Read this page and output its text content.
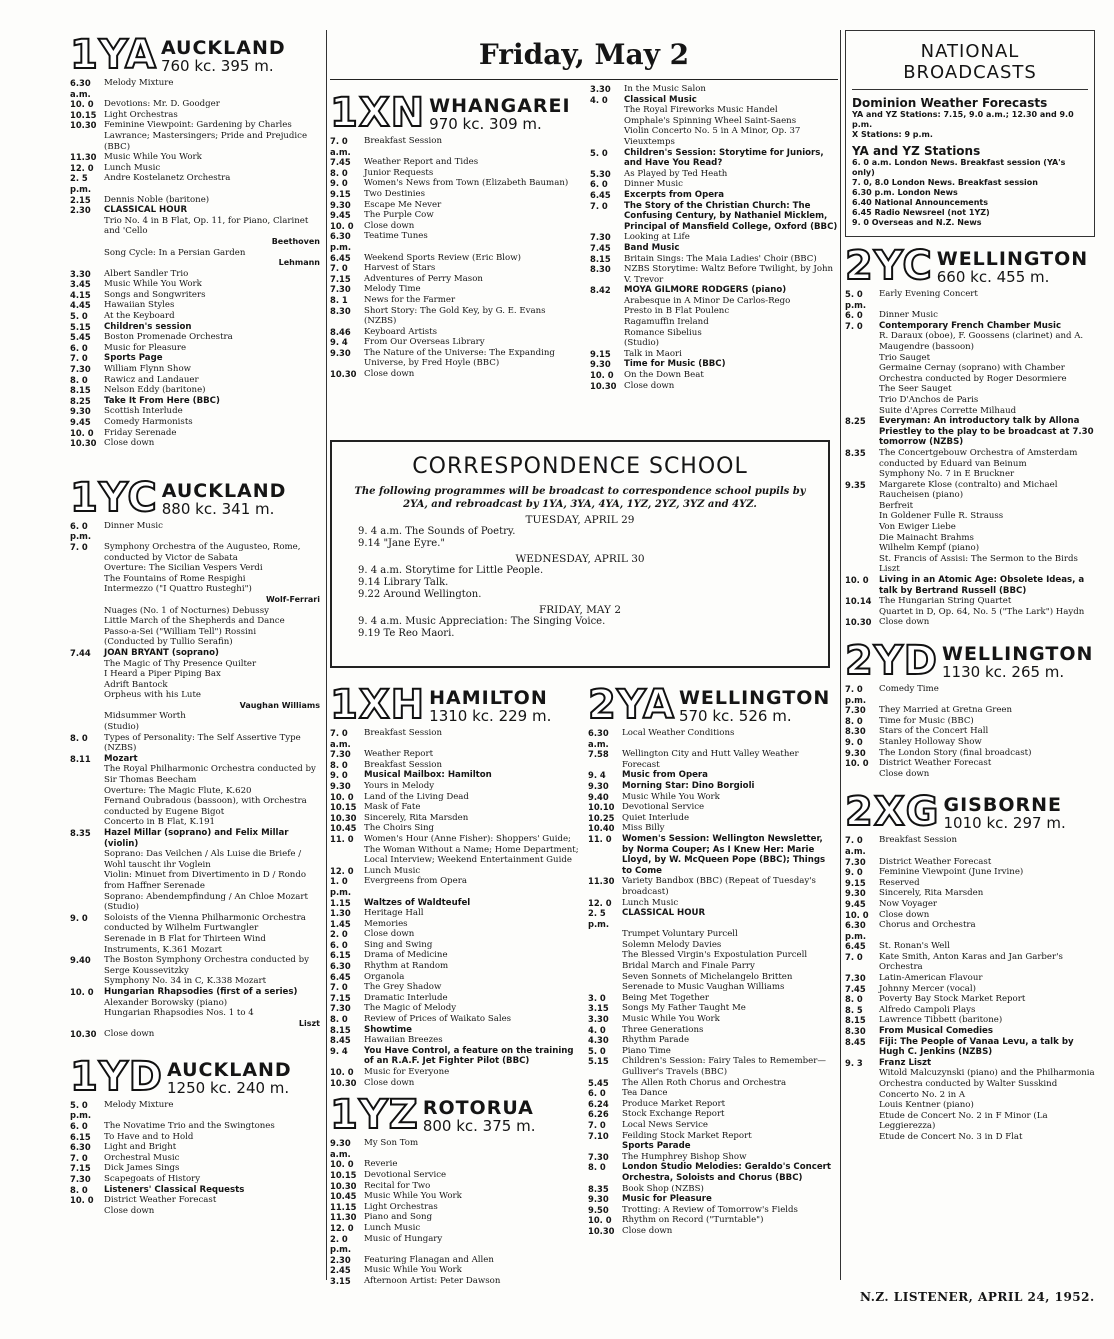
1YA AUCKLAND
760 kc. 395 m.
6.30 a.m.
Melody Mixture
10. 0	Devotions: Mr. D. Goodger
10.15 Light Orchestras
10.30 Feminine Viewpoint: Gardening by Charles Lawrance; Mastersingers; Pride and Prejudice (BBC)
11.30 Music While You Work
12. 0	Lunch Music
2. 5 p.m.
Andre Kostelanetz Orchestra
2.15	Dennis Noble (baritone)
2.30	CLASSICAL HOUR
Trio No. 4 in B Flat, Op. 11, for Piano, Clarinet and 'Cello
Beethoven
Song Cycle: In a Persian Garden
Lehmann
3.30	Albert Sandler Trio
3.45	Music While You Work
4.15	Songs and Songwriters
4.45	Hawaiian Styles
5. 0	At the Keyboard
5.15	Children's session
5.45	Boston Promenade Orchestra
6. 0	Music for Pleasure
7. 0	Sports Page
7.30	William Flynn Show
8. 0	Rawicz and Landauer
8.15	Nelson Eddy (baritone)
8.25	Take It From Here (BBC)
9.30	Scottish Interlude
9.45	Comedy Harmonists
10. 0	Friday Serenade
10.30 Close down
1YC AUCKLAND
880 kc. 341 m.
6. 0 p.m.
Dinner Music
7. 0	Symphony Orchestra of the Augusteo, Rome, conducted by Victor de Sabata
Overture: The Sicilian Vespers Verdi
The Fountains of Rome Respighi
Intermezzo ("I Quattro Rusteghi")
Wolf-Ferrari
Nuages (No. 1 of Nocturnes) Debussy
Little March of the Shepherds and Dance
Passo-a-Sei ("William Tell") Rossini
(Conducted by Tullio Serafin)
7.44	JOAN BRYANT (soprano)
The Magic of Thy Presence Quilter
I Heard a Piper Piping Bax
Adrift Bantock
Orpheus with his Lute
Vaughan Williams
Midsummer Worth
(Studio)
8. 0	Types of Personality: The Self Assertive Type (NZBS)
8.11	Mozart
The Royal Philharmonic Orchestra conducted by Sir Thomas Beecham
Overture: The Magic Flute, K.620
Fernand Oubradous (bassoon), with Orchestra conducted by Eugene Bigot
Concerto in B Flat, K.191
8.35	Hazel Millar (soprano) and Felix Millar (violin)
Soprano: Das Veilchen / Als Luise die Briefe / Wohl tauscht ihr Voglein
Violin: Minuet from Divertimento in D / Rondo from Haffner Serenade
Soprano: Abendempfindung / An Chloe Mozart
(Studio)
9. 0	Soloists of the Vienna Philharmonic Orchestra conducted by Wilhelm Furtwangler
Serenade in B Flat for Thirteen Wind Instruments, K.361 Mozart
9.40	The Boston Symphony Orchestra conducted by Serge Koussevitzky
Symphony No. 34 in C, K.338 Mozart
10. 0	Hungarian Rhapsodies (first of a series)
Alexander Borowsky (piano)
Hungarian Rhapsodies Nos. 1 to 4
Liszt
10.30 Close down
1YD AUCKLAND
1250 kc. 240 m.
5. 0 p.m.
Melody Mixture
6. 0	The Novatime Trio and the Swingtones
6.15	To Have and to Hold
6.30	Light and Bright
7. 0	Orchestral Music
7.15	Dick James Sings
7.30	Scapegoats of History
8. 0	Listeners' Classical Requests
10. 0	District Weather Forecast
Close down
Friday, May 2
1XN WHANGAREI
970 kc. 309 m.
7. 0 a.m.
Breakfast Session
7.45	Weather Report and Tides
8. 0	Junior Requests
9. 0	Women's News from Town (Elizabeth Bauman)
9.15	Two Destinies
9.30	Escape Me Never
9.45	The Purple Cow
10. 0	Close down
6.30 p.m.
Teatime Tunes
6.45	Weekend Sports Review (Eric Blow)
7. 0	Harvest of Stars
7.15	Adventures of Perry Mason
7.30	Melody Time
8. 1	News for the Farmer
8.30	Short Story: The Gold Key, by G. E. Evans (NZBS)
8.46	Keyboard Artists
9. 4	From Our Overseas Library
9.30	The Nature of the Universe: The Expanding Universe, by Fred Hoyle (BBC)
10.30 Close down
3.30	In the Music Salon
4. 0	Classical Music
The Royal Fireworks Music Handel
Omphale's Spinning Wheel Saint-Saens
Violin Concerto No. 5 in A Minor, Op. 37 Vieuxtemps
5. 0	Children's Session: Storytime for Juniors, and Have You Read?
5.30	As Played by Ted Heath
6. 0	Dinner Music
6.45	Excerpts from Opera
7. 0	The Story of the Christian Church: The Confusing Century, by Nathaniel Micklem, Principal of Mansfield College, Oxford (BBC)
7.30	Looking at Life
7.45	Band Music
8.15	Britain Sings: The Maia Ladies' Choir (BBC)
8.30	NZBS Storytime: Waltz Before Twilight, by John V. Trevor
8.42	MOYA GILMORE RODGERS (piano)
Arabesque in A Minor De Carlos-Rego
Presto in B Flat Poulenc
Ragamuffin Ireland
Romance Sibelius
(Studio)
9.15	Talk in Maori
9.30	Time for Music (BBC)
10. 0	On the Down Beat
10.30 Close down
CORRESPONDENCE SCHOOL
The following programmes will be broadcast to correspondence school pupils by 2YA, and rebroadcast by 1YA, 3YA, 4YA, 1YZ, 2YZ, 3YZ and 4YZ.
TUESDAY, APRIL 29
9. 4 a.m. The Sounds of Poetry.
9.14 "Jane Eyre."
WEDNESDAY, APRIL 30
9. 4 a.m. Storytime for Little People.
9.14 Library Talk.
9.22 Around Wellington.
FRIDAY, MAY 2
9. 4 a.m. Music Appreciation: The Singing Voice.
9.19 Te Reo Maori.
1XH HAMILTON
1310 kc. 229 m.
7. 0 a.m.
Breakfast Session
7.30	Weather Report
8. 0	Breakfast Session
9. 0	Musical Mailbox: Hamilton
9.30	Yours in Melody
10. 0	Land of the Living Dead
10.15 Mask of Fate
10.30 Sincerely, Rita Marsden
10.45 The Choirs Sing
11. 0	Women's Hour (Anne Fisher): Shoppers' Guide; The Woman Without a Name; Home Department; Local Interview; Weekend Entertainment Guide
12. 0	Lunch Music
1. 0 p.m.
Evergreens from Opera
1.15	Waltzes of Waldteufel
1.30	Heritage Hall
1.45	Memories
2. 0	Close down
6. 0	Sing and Swing
6.15	Drama of Medicine
6.30	Rhythm at Random
6.45	Organola
7. 0	The Grey Shadow
7.15	Dramatic Interlude
7.30	The Magic of Melody
8. 0	Review of Prices of Waikato Sales
8.15	Showtime
8.45	Hawaiian Breezes
9. 4	You Have Control, a feature on the training of an R.A.F. Jet Fighter Pilot (BBC)
10. 0	Music for Everyone
10.30 Close down
1YZ ROTORUA
800 kc. 375 m.
9.30 a.m.
My Son Tom
10. 0	Reverie
10.15 Devotional Service
10.30 Recital for Two
10.45 Music While You Work
11.15 Light Orchestras
11.30 Piano and Song
12. 0	Lunch Music
2. 0 p.m.
Music of Hungary
2.30	Featuring Flanagan and Allen
2.45	Music While You Work
3.15	Afternoon Artist: Peter Dawson
2YA WELLINGTON
570 kc. 526 m.
6.30 a.m.
Local Weather Conditions
7.58	Wellington City and Hutt Valley Weather Forecast
9. 4	Music from Opera
9.30	Morning Star: Dino Borgioli
9.40	Music While You Work
10.10 Devotional Service
10.25 Quiet Interlude
10.40 Miss Billy
11. 0	Women's Session: Wellington Newsletter, by Norma Couper; As I Knew Her: Marie Lloyd, by W. McQueen Pope (BBC); Things to Come
11.30 Variety Bandbox (BBC) (Repeat of Tuesday's broadcast)
12. 0	Lunch Music
2. 5 p.m.
CLASSICAL HOUR
Trumpet Voluntary Purcell
Solemn Melody Davies
The Blessed Virgin's Expostulation Purcell
Bridal March and Finale Parry
Seven Sonnets of Michelangelo Britten
Serenade to Music Vaughan Williams
3. 0	Being Met Together
3.15	Songs My Father Taught Me
3.30	Music While You Work
4. 0	Three Generations
4.30	Rhythm Parade
5. 0	Piano Time
5.15	Children's Session: Fairy Tales to Remember—Gulliver's Travels (BBC)
5.45	The Allen Roth Chorus and Orchestra
6. 0	Tea Dance
6.24	Produce Market Report
6.26	Stock Exchange Report
7. 0	Local News Service
7.10	Feilding Stock Market Report
Sports Parade
7.30	The Humphrey Bishop Show
8. 0	London Studio Melodies: Geraldo's Concert Orchestra, Soloists and Chorus (BBC)
8.35	Book Shop (NZBS)
9.30	Music for Pleasure
9.50	Trotting: A Review of Tomorrow's Fields
10. 0	Rhythm on Record ("Turntable")
10.30 Close down
NATIONAL BROADCASTS
Dominion Weather Forecasts
YA and YZ Stations: 7.15, 9.0 a.m.; 12.30 and 9.0 p.m.
X Stations: 9 p.m.
YA and YZ Stations
6. 0 a.m. London News. Breakfast session (YA's only)
7. 0, 8.0 London News. Breakfast session
6.30 p.m. London News
6.40 National Announcements
6.45 Radio Newsreel (not 1YZ)
9. 0 Overseas and N.Z. News
2YC WELLINGTON
660 kc. 455 m.
5. 0 p.m.
Early Evening Concert
6. 0	Dinner Music
7. 0	Contemporary French Chamber Music
R. Daraux (oboe), F. Goossens (clarinet) and A. Maugendre (bassoon)
Trio Sauget
Germaine Cernay (soprano) with Chamber Orchestra conducted by Roger Desormiere
The Seer Sauget
Trio D'Anchos de Paris
Suite d'Apres Corrette Milhaud
8.25	Everyman: An introductory talk by Allona Priestley to the play to be broadcast at 7.30 tomorrow (NZBS)
8.35	The Concertgebouw Orchestra of Amsterdam conducted by Eduard van Beinum
Symphony No. 7 in E Bruckner
9.35	Margarete Klose (contralto) and Michael Raucheisen (piano)
Berfreit
In Goldener Fulle R. Strauss
Von Ewiger Liebe
Die Mainacht Brahms
Wilhelm Kempf (piano)
St. Francis of Assisi: The Sermon to the Birds Liszt
10. 0	Living in an Atomic Age: Obsolete Ideas, a talk by Bertrand Russell (BBC)
10.14 The Hungarian String Quartet
Quartet in D, Op. 64, No. 5 ("The Lark") Haydn
10.30 Close down
2YD WELLINGTON
1130 kc. 265 m.
7. 0 p.m.
Comedy Time
7.30	They Married at Gretna Green
8. 0	Time for Music (BBC)
8.30	Stars of the Concert Hall
9. 0	Stanley Holloway Show
9.30	The London Story (final broadcast)
10. 0	District Weather Forecast
Close down
2XG GISBORNE
1010 kc. 297 m.
7. 0 a.m.
Breakfast Session
7.30	District Weather Forecast
9. 0	Feminine Viewpoint (June Irvine)
9.15	Reserved
9.30	Sincerely, Rita Marsden
9.45	Now Voyager
10. 0	Close down
6.30 p.m.
Chorus and Orchestra
6.45	St. Ronan's Well
7. 0	Kate Smith, Anton Karas and Jan Garber's Orchestra
7.30	Latin-American Flavour
7.45	Johnny Mercer (vocal)
8. 0	Poverty Bay Stock Market Report
8. 5	Alfredo Campoli Plays
8.15	Lawrence Tibbett (baritone)
8.30	From Musical Comedies
8.45	Fiji: The People of Vanaa Levu, a talk by Hugh C. Jenkins (NZBS)
9. 3	Franz Liszt
Witold Malcuzynski (piano) and the Philharmonia Orchestra conducted by Walter Susskind
Concerto No. 2 in A
Louis Kentner (piano)
Etude de Concert No. 2 in F Minor (La Leggierezza)
Etude de Concert No. 3 in D Flat
N.Z. LISTENER, APRIL 24, 1952.
